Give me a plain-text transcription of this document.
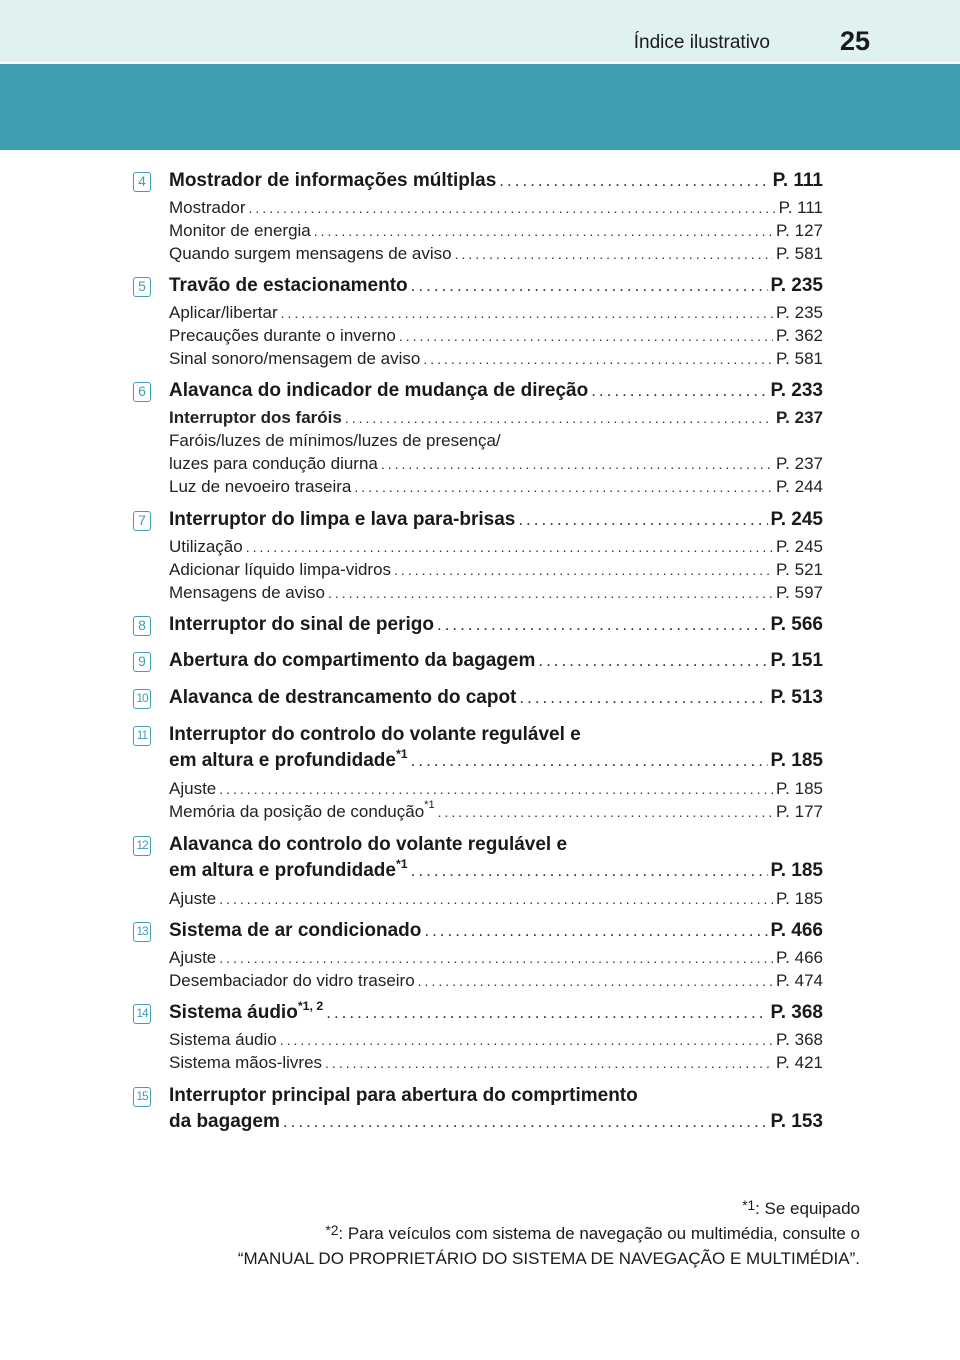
Índice ilustrativo	25
4 Mostrador de informações múltiplas .....	P. 111
Mostrador .....	P. 111
Monitor de energia .....	P. 127
Quando surgem mensagens de aviso .....	P. 581
5 Travão de estacionamento .....	P. 235
Aplicar/libertar .....	P. 235
Precauções durante o inverno .....	P. 362
Sinal sonoro/mensagem de aviso .....	P. 581
6 Alavanca do indicador de mudança de direção .....	P. 233
Interruptor dos faróis .....	P. 237
Faróis/luzes de mínimos/luzes de presença/
luzes para condução diurna .....	P. 237
Luz de nevoeiro traseira .....	P. 244
7 Interruptor do limpa e lava para-brisas .....	P. 245
Utilização .....	P. 245
Adicionar líquido limpa-vidros .....	P. 521
Mensagens de aviso .....	P. 597
8 Interruptor do sinal de perigo .....	P. 566
9 Abertura do compartimento da bagagem .....	P. 151
10 Alavanca de destrancamento do capot .....	P. 513
11 Interruptor do controlo do volante regulável e
em altura e profundidade$^{*1}$ .....	P. 185
Ajuste .....	P. 185
Memória da posição de condução$^{*1}$ .....	P. 177
12 Alavanca do controlo do volante regulável e
em altura e profundidade$^{*1}$ .....	P. 185
Ajuste .....	P. 185
13 Sistema de ar condicionado .....	P. 466
Ajuste .....	P. 466
Desembaciador do vidro traseiro .....	P. 474
14 Sistema áudio$^{*1, 2}$ .....	P. 368
Sistema áudio .....	P. 368
Sistema mãos-livres .....	P. 421
15 Interruptor principal para abertura do comprtimento
da bagagem .....	P. 153
$^{*1}$: Se equipado
$^{*2}$: Para veículos com sistema de navegação ou multimédia, consulte o
“MANUAL DO PROPRIETÁRIO DO SISTEMA DE NAVEGAÇÃO E MULTIMÉDIA”.
